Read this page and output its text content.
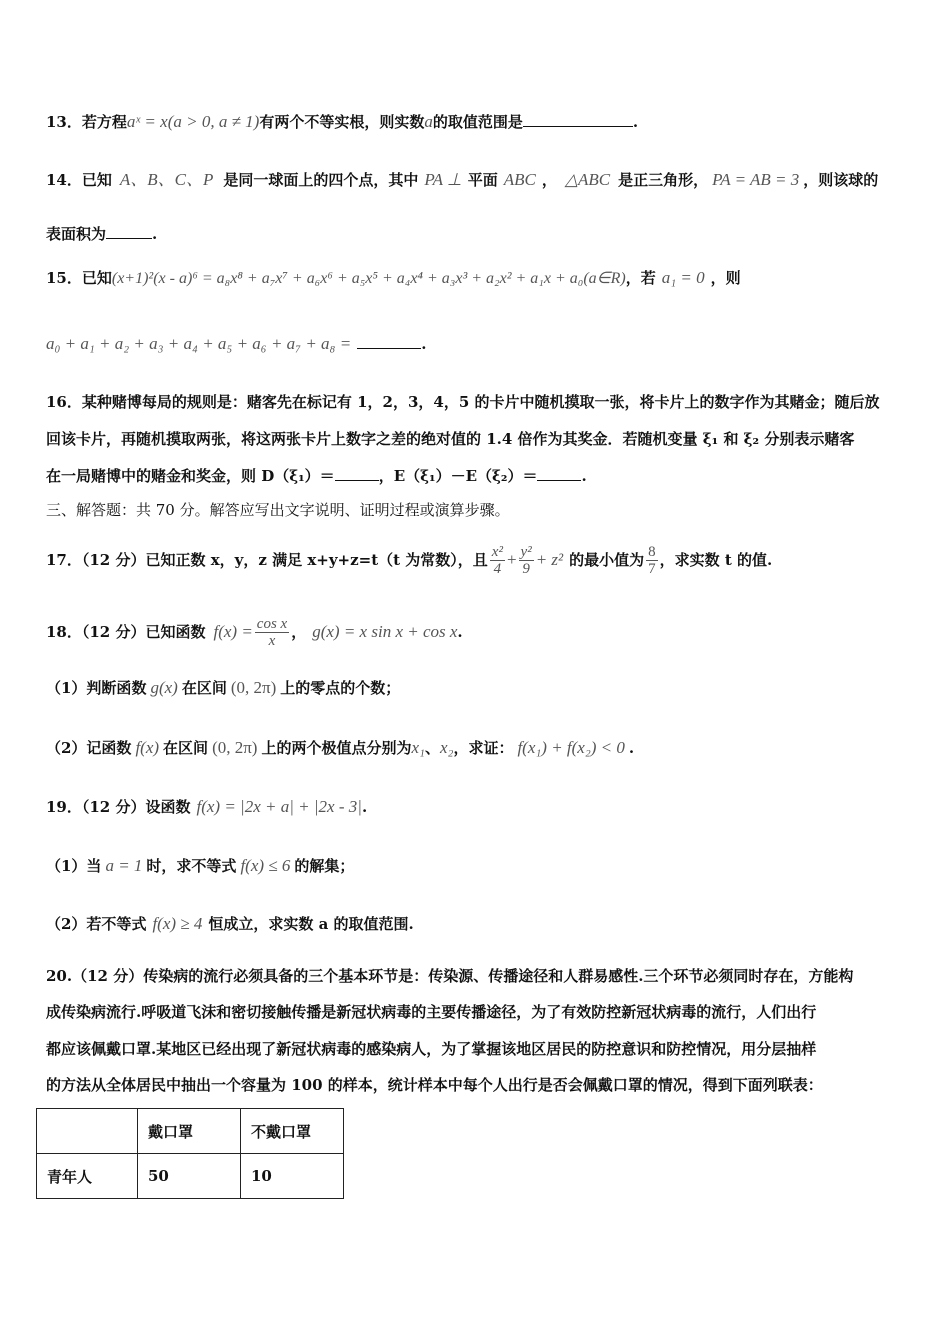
13．若方程aˣ = x(a > 0, a ≠ 1)有两个不等实根，则实数a的取值范围是	.
14．已知 A、B、C、P 是同一球面上的四个点，其中 PA ⊥ 平面 ABC ， △ABC 是正三角形， PA = AB = 3 ，则该球的
表面积为	.
15．已知(x+1)²(x - a)⁶ = a₈x⁸ + a₇x⁷ + a₆x⁶ + a₅x⁵ + a₄x⁴ + a₃x³ + a₂x² + a₁x + a₀(a∈R)，若 a₁ = 0 ，则
a₀ + a₁ + a₂ + a₃ + a₄ + a₅ + a₆ + a₇ + a₈ =	.
16．某种赌博每局的规则是：赌客先在标记有 1，2，3，4，5 的卡片中随机摸取一张，将卡片上的数字作为其赌金；随后放
回该卡片，再随机摸取两张，将这两张卡片上数字之差的绝对值的 1.4 倍作为其奖金．若随机变量 ξ₁ 和 ξ₂ 分别表示赌客
在一局赌博中的赌金和奖金，则 D（ξ₁）＝	，E（ξ₁）－E（ξ₂）＝	.
三、解答题：共 70 分。解答应写出文字说明、证明过程或演算步骤。
17．（12 分）已知正数 x，y，z 满足 x+y+z=t（t 为常数），且 $\frac{\text{x²}}{4} + \frac{\text{y²}}{9} + z^2$ 的最小值为 $\frac{8}{7}$ ，求实数 t 的值.
18．（12 分）已知函数 $f(x) = \frac{\text{cos x}}{x}$ ， g(x) = x sin x + cos x .
（1）判断函数 g(x) 在区间 (0, 2π) 上的零点的个数；
（2）记函数 f(x) 在区间 (0, 2π) 上的两个极值点分别为x₁、x₂，求证： f(x₁) + f(x₂) < 0 .
19．（12 分）设函数 f(x) = |2x + a| + |2x - 3|.
（1）当 a = 1 时，求不等式 f(x) ≤ 6 的解集；
（2）若不等式 f(x) ≥ 4 恒成立，求实数 a 的取值范围.
20.（12 分）传染病的流行必须具备的三个基本环节是：传染源、传播途径和人群易感性.三个环节必须同时存在，方能构
成传染病流行.呼吸道飞沫和密切接触传播是新冠状病毒的主要传播途径，为了有效防控新冠状病毒的流行，人们出行
都应该佩戴口罩.某地区已经出现了新冠状病毒的感染病人，为了掌握该地区居民的防控意识和防控情况，用分层抽样
的方法从全体居民中抽出一个容量为 100 的样本，统计样本中每个人出行是否会佩戴口罩的情况，得到下面列联表：
	戴口罩	不戴口罩
青年人	50	10
